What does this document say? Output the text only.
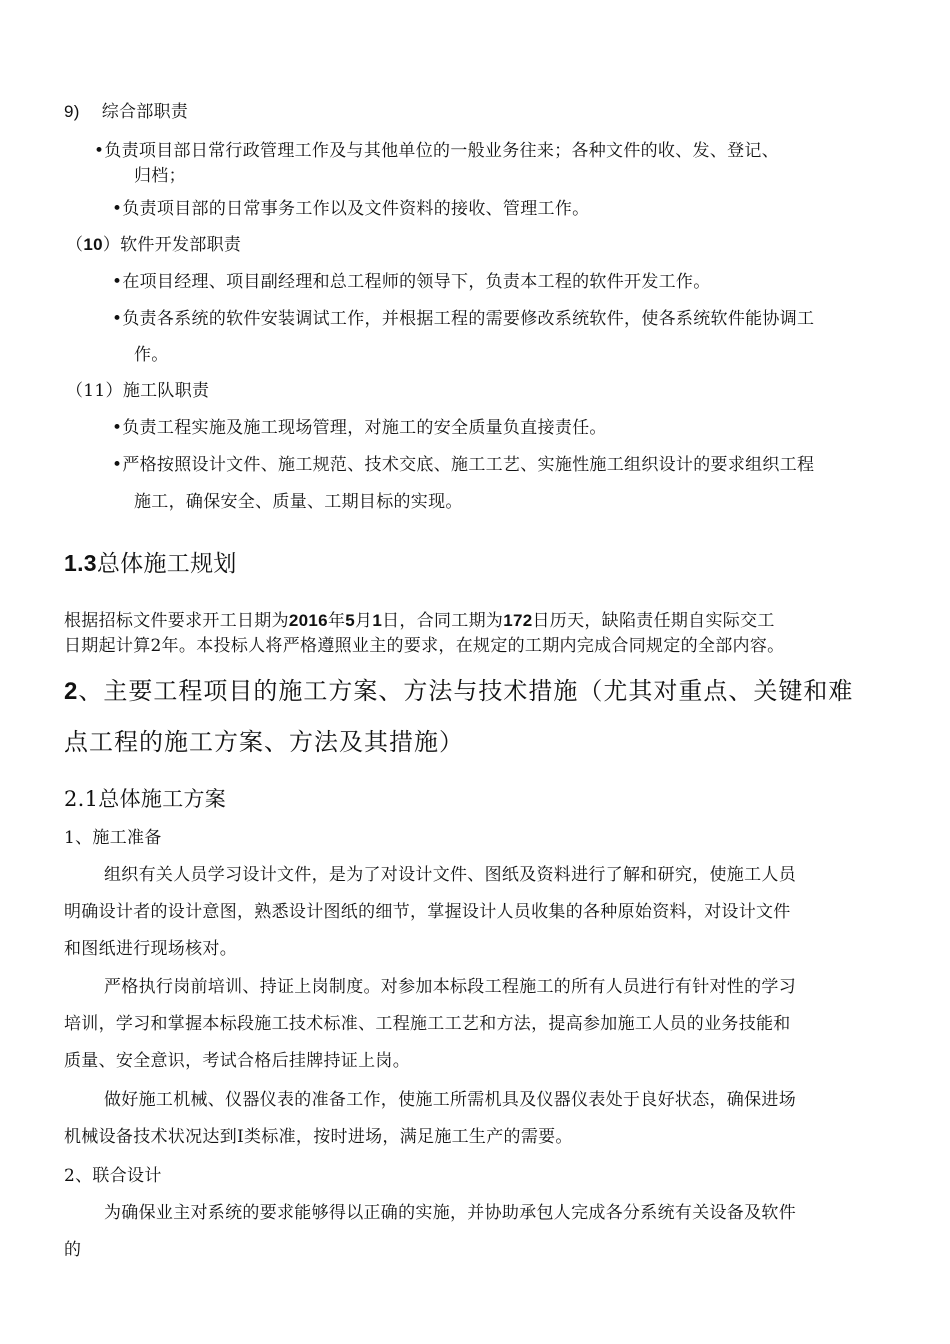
9) 综合部职责
•负责项目部日常行政管理工作及与其他单位的一般业务往来；各种文件的收、发、登记、
归档；
•负责项目部的日常事务工作以及文件资料的接收、管理工作。
（10）软件开发部职责
•在项目经理、项目副经理和总工程师的领导下，负责本工程的软件开发工作。
•负责各系统的软件安装调试工作，并根据工程的需要修改系统软件，使各系统软件能协调工
作。
（11）施工队职责
•负责工程实施及施工现场管理，对施工的安全质量负直接责任。
•严格按照设计文件、施工规范、技术交底、施工工艺、实施性施工组织设计的要求组织工程
施工，确保安全、质量、工期目标的实现。
1.3总体施工规划
根据招标文件要求开工日期为2016年5月1日，合同工期为172日历天，缺陷责任期自实际交工
日期起计算2年。本投标人将严格遵照业主的要求，在规定的工期内完成合同规定的全部内容。
2、主要工程项目的施工方案、方法与技术措施（尤其对重点、关键和难
点工程的施工方案、方法及其措施）
2.1总体施工方案
1、施工准备
组织有关人员学习设计文件，是为了对设计文件、图纸及资料进行了解和研究，使施工人员
明确设计者的设计意图，熟悉设计图纸的细节，掌握设计人员收集的各种原始资料，对设计文件
和图纸进行现场核对。
严格执行岗前培训、持证上岗制度。对参加本标段工程施工的所有人员进行有针对性的学习
培训，学习和掌握本标段施工技术标准、工程施工工艺和方法，提高参加施工人员的业务技能和
质量、安全意识，考试合格后挂牌持证上岗。
做好施工机械、仪器仪表的准备工作，使施工所需机具及仪器仪表处于良好状态，确保进场
机械设备技术状况达到Ⅰ类标准，按时进场，满足施工生产的需要。
2、联合设计
为确保业主对系统的要求能够得以正确的实施，并协助承包人完成各分系统有关设备及软件
的
